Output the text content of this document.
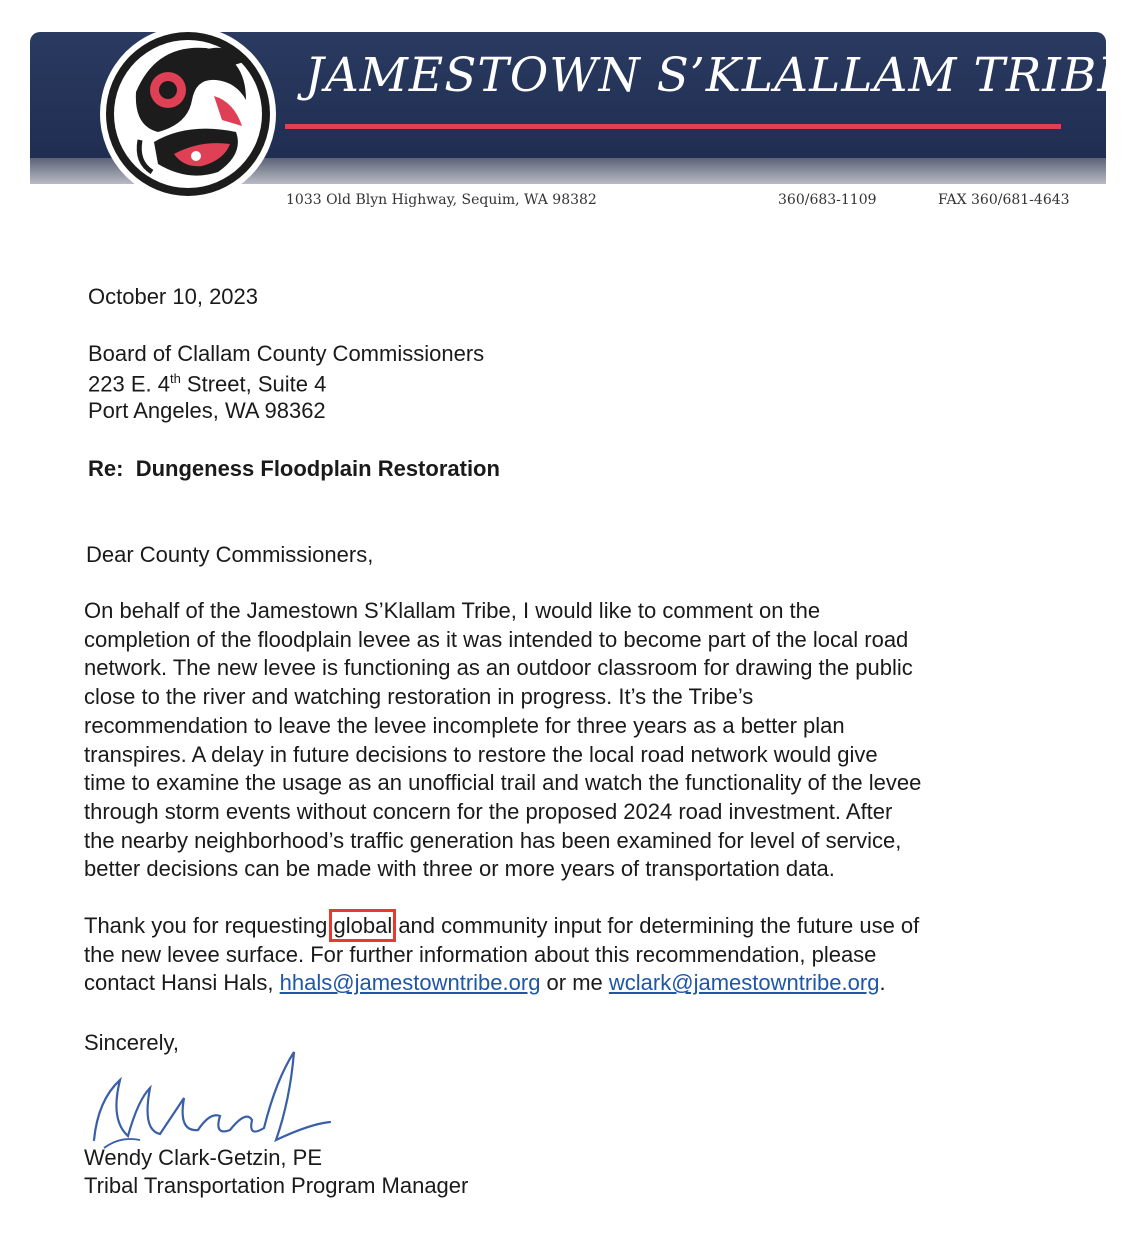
JAMESTOWN S’KLALLAM TRIBE
1033 Old Blyn Highway, Sequim, WA 98382	360/683-1109	FAX 360/681-4643
October 10, 2023
Board of Clallam County Commissioners
223 E. 4th Street, Suite 4
Port Angeles, WA 98362
Re: Dungeness Floodplain Restoration
Dear County Commissioners,
On behalf of the Jamestown S’Klallam Tribe, I would like to comment on the
completion of the floodplain levee as it was intended to become part of the local road
network. The new levee is functioning as an outdoor classroom for drawing the public
close to the river and watching restoration in progress. It’s the Tribe’s
recommendation to leave the levee incomplete for three years as a better plan
transpires. A delay in future decisions to restore the local road network would give
time to examine the usage as an unofficial trail and watch the functionality of the levee
through storm events without concern for the proposed 2024 road investment. After
the nearby neighborhood’s traffic generation has been examined for level of service,
better decisions can be made with three or more years of transportation data.
Thank you for requesting global and community input for determining the future use of
the new levee surface. For further information about this recommendation, please
contact Hansi Hals, hhals@jamestowntribe.org or me wclark@jamestowntribe.org.
Sincerely,
Wendy Clark-Getzin, PE
Tribal Transportation Program Manager
